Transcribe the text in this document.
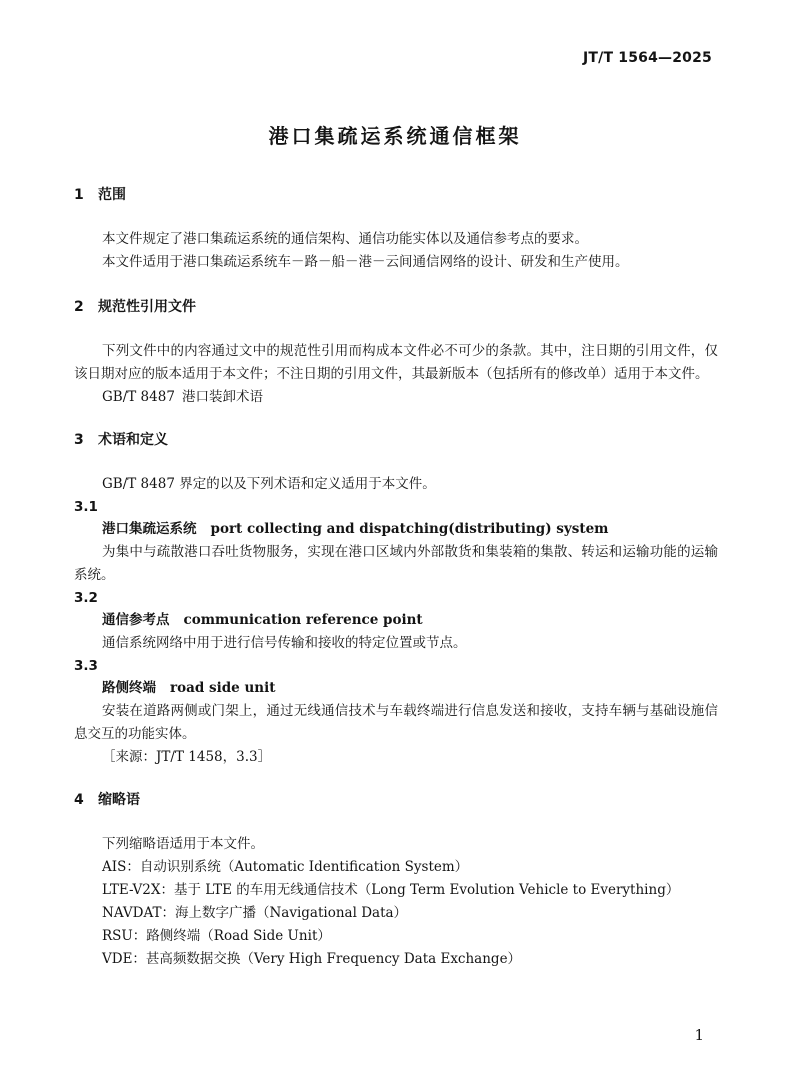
JT/T 1564—2025
港口集疏运系统通信框架
1 范围
本文件规定了港口集疏运系统的通信架构、通信功能实体以及通信参考点的要求。
本文件适用于港口集疏运系统车－路－船－港－云间通信网络的设计、研发和生产使用。
2 规范性引用文件
下列文件中的内容通过文中的规范性引用而构成本文件必不可少的条款。其中，注日期的引用文件，仅该日期对应的版本适用于本文件；不注日期的引用文件，其最新版本（包括所有的修改单）适用于本文件。
GB/T 8487 港口装卸术语
3 术语和定义
GB/T 8487 界定的以及下列术语和定义适用于本文件。
3.1
港口集疏运系统 port collecting and dispatching(distributing) system
为集中与疏散港口吞吐货物服务，实现在港口区域内外部散货和集装箱的集散、转运和运输功能的运输系统。
3.2
通信参考点 communication reference point
通信系统网络中用于进行信号传输和接收的特定位置或节点。
3.3
路侧终端 road side unit
安装在道路两侧或门架上，通过无线通信技术与车载终端进行信息发送和接收，支持车辆与基础设施信息交互的功能实体。
［来源：JT/T 1458，3.3］
4 缩略语
下列缩略语适用于本文件。
AIS：自动识别系统（Automatic Identification System）
LTE-V2X：基于 LTE 的车用无线通信技术（Long Term Evolution Vehicle to Everything）
NAVDAT：海上数字广播（Navigational Data）
RSU：路侧终端（Road Side Unit）
VDE：甚高频数据交换（Very High Frequency Data Exchange）
1
